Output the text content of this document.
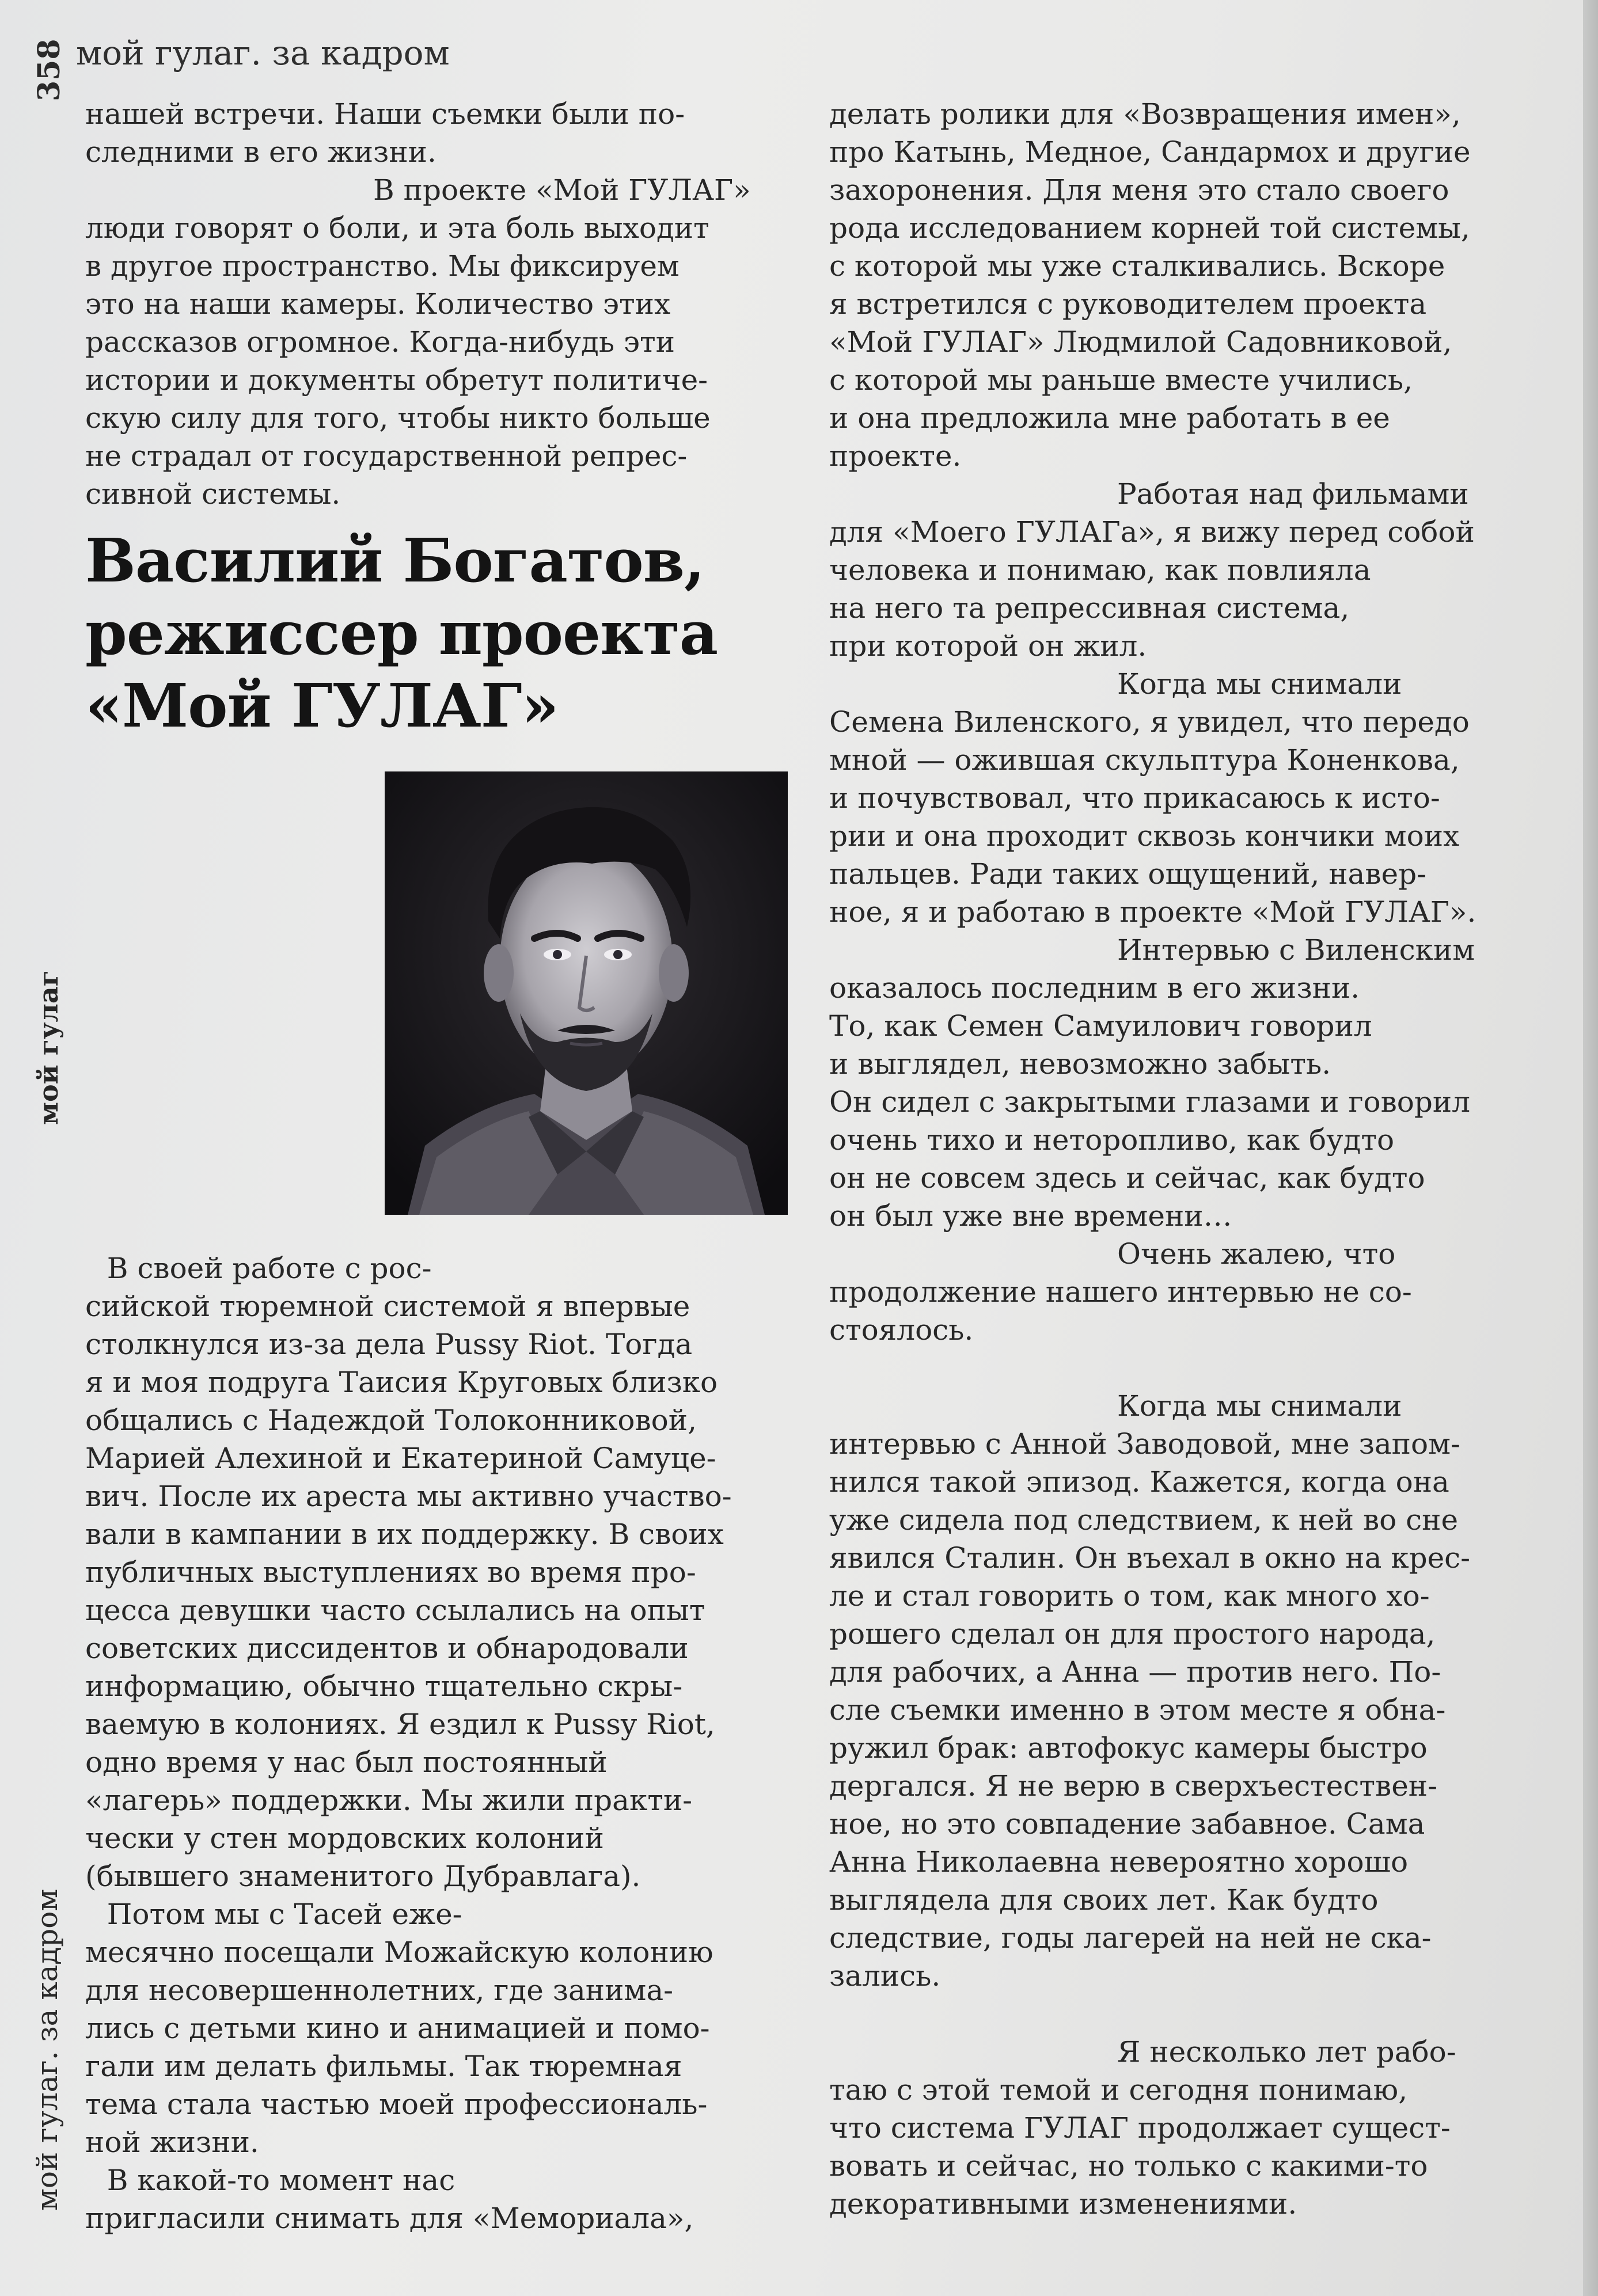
358 мой гулаг. за кадром
мой гулаг
мой гулаг. за кадром

нашей встречи. Наши съемки были по-
следними в его жизни.

В проекте «Мой ГУЛАГ»
люди говорят о боли, и эта боль выходит
в другое пространство. Мы фиксируем
это на наши камеры. Количество этих
рассказов огромное. Когда-нибудь эти
истории и документы обретут политиче-
скую силу для того, чтобы никто больше
не страдал от государственной репрес-
сивной системы.

Василий Богатов,
режиссер проекта
«Мой ГУЛАГ»

В своей работе с рос-
сийской тюремной системой я впервые
столкнулся из-за дела Pussy Riot. Тогда
я и моя подруга Таисия Круговых близко
общались с Надеждой Толоконниковой,
Марией Алехиной и Екатериной Самуце-
вич. После их ареста мы активно участво-
вали в кампании в их поддержку. В своих
публичных выступлениях во время про-
цесса девушки часто ссылались на опыт
советских диссидентов и обнародовали
информацию, обычно тщательно скры-
ваемую в колониях. Я ездил к Pussy Riot,
одно время у нас был постоянный
«лагерь» поддержки. Мы жили практи-
чески у стен мордовских колоний
(бывшего знаменитого Дубравлага).

Потом мы с Тасей еже-
месячно посещали Можайскую колонию
для несовершеннолетних, где занима-
лись с детьми кино и анимацией и помо-
гали им делать фильмы. Так тюремная
тема стала частью моей профессиональ-
ной жизни.

В какой-то момент нас
пригласили снимать для «Мемориала»,

делать ролики для «Возвращения имен»,
про Катынь, Медное, Сандармох и другие
захоронения. Для меня это стало своего
рода исследованием корней той системы,
с которой мы уже сталкивались. Вскоре
я встретился с руководителем проекта
«Мой ГУЛАГ» Людмилой Садовниковой,
с которой мы раньше вместе учились,
и она предложила мне работать в ее
проекте.

Работая над фильмами
для «Моего ГУЛАГа», я вижу перед собой
человека и понимаю, как повлияла
на него та репрессивная система,
при которой он жил.

Когда мы снимали
Семена Виленского, я увидел, что передо
мной — ожившая скульптура Коненкова,
и почувствовал, что прикасаюсь к исто-
рии и она проходит сквозь кончики моих
пальцев. Ради таких ощущений, навер-
ное, я и работаю в проекте «Мой ГУЛАГ».

Интервью с Виленским
оказалось последним в его жизни.
То, как Семен Самуилович говорил
и выглядел, невозможно забыть.
Он сидел с закрытыми глазами и говорил
очень тихо и неторопливо, как будто
он не совсем здесь и сейчас, как будто
он был уже вне времени…

Очень жалею, что
продолжение нашего интервью не со-
стоялось.

Когда мы снимали
интервью с Анной Заводовой, мне запом-
нился такой эпизод. Кажется, когда она
уже сидела под следствием, к ней во сне
явился Сталин. Он въехал в окно на крес-
ле и стал говорить о том, как много хо-
рошего сделал он для простого народа,
для рабочих, а Анна — против него. По-
сле съемки именно в этом месте я обна-
ружил брак: автофокус камеры быстро
дергался. Я не верю в сверхъестествен-
ное, но это совпадение забавное. Сама
Анна Николаевна невероятно хорошо
выглядела для своих лет. Как будто
следствие, годы лагерей на ней не ска-
зались.

Я несколько лет рабо-
таю с этой темой и сегодня понимаю,
что система ГУЛАГ продолжает сущест-
вовать и сейчас, но только с какими-то
декоративными изменениями.
